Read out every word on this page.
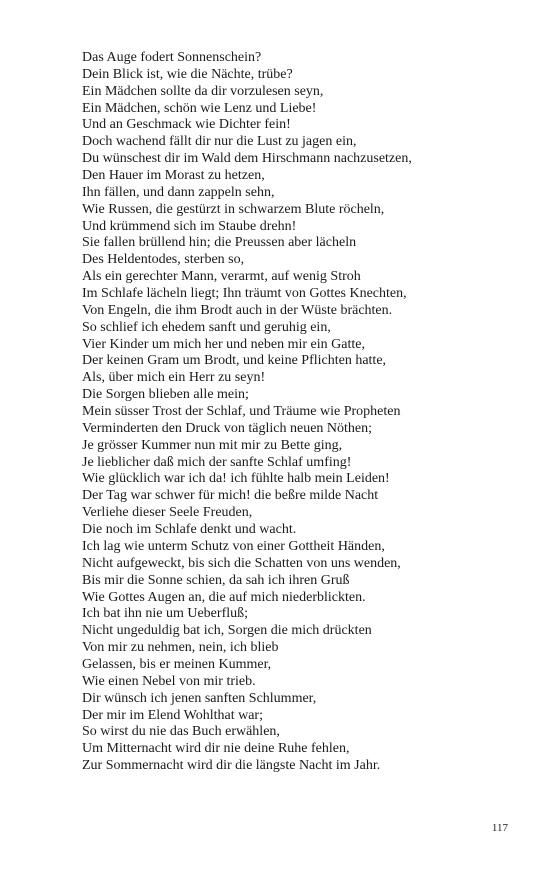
Das Auge fodert Sonnenschein?
Dein Blick ist, wie die Nächte, trübe?
Ein Mädchen sollte da dir vorzulesen seyn,
Ein Mädchen, schön wie Lenz und Liebe!
Und an Geschmack wie Dichter fein!
Doch wachend fällt dir nur die Lust zu jagen ein,
Du wünschest dir im Wald dem Hirschmann nachzusetzen,
Den Hauer im Morast zu hetzen,
Ihn fällen, und dann zappeln sehn,
Wie Russen, die gestürzt in schwarzem Blute röcheln,
Und krümmend sich im Staube drehn!
Sie fallen brüllend hin; die Preussen aber lächeln
Des Heldentodes, sterben so,
Als ein gerechter Mann, verarmt, auf wenig Stroh
Im Schlafe lächeln liegt; Ihn träumt von Gottes Knechten,
Von Engeln, die ihm Brodt auch in der Wüste brächten.
So schlief ich ehedem sanft und geruhig ein,
Vier Kinder um mich her und neben mir ein Gatte,
Der keinen Gram um Brodt, und keine Pflichten hatte,
Als, über mich ein Herr zu seyn!
Die Sorgen blieben alle mein;
Mein süsser Trost der Schlaf, und Träume wie Propheten
Verminderten den Druck von täglich neuen Nöthen;
Je grösser Kummer nun mit mir zu Bette ging,
Je lieblicher daß mich der sanfte Schlaf umfing!
Wie glücklich war ich da! ich fühlte halb mein Leiden!
Der Tag war schwer für mich! die beßre milde Nacht
Verliehe dieser Seele Freuden,
Die noch im Schlafe denkt und wacht.
Ich lag wie unterm Schutz von einer Gottheit Händen,
Nicht aufgeweckt, bis sich die Schatten von uns wenden,
Bis mir die Sonne schien, da sah ich ihren Gruß
Wie Gottes Augen an, die auf mich niederblickten.
Ich bat ihn nie um Ueberfluß;
Nicht ungeduldig bat ich, Sorgen die mich drückten
Von mir zu nehmen, nein, ich blieb
Gelassen, bis er meinen Kummer,
Wie einen Nebel von mir trieb.
Dir wünsch ich jenen sanften Schlummer,
Der mir im Elend Wohlthat war;
So wirst du nie das Buch erwählen,
Um Mitternacht wird dir nie deine Ruhe fehlen,
Zur Sommernacht wird dir die längste Nacht im Jahr.
117
